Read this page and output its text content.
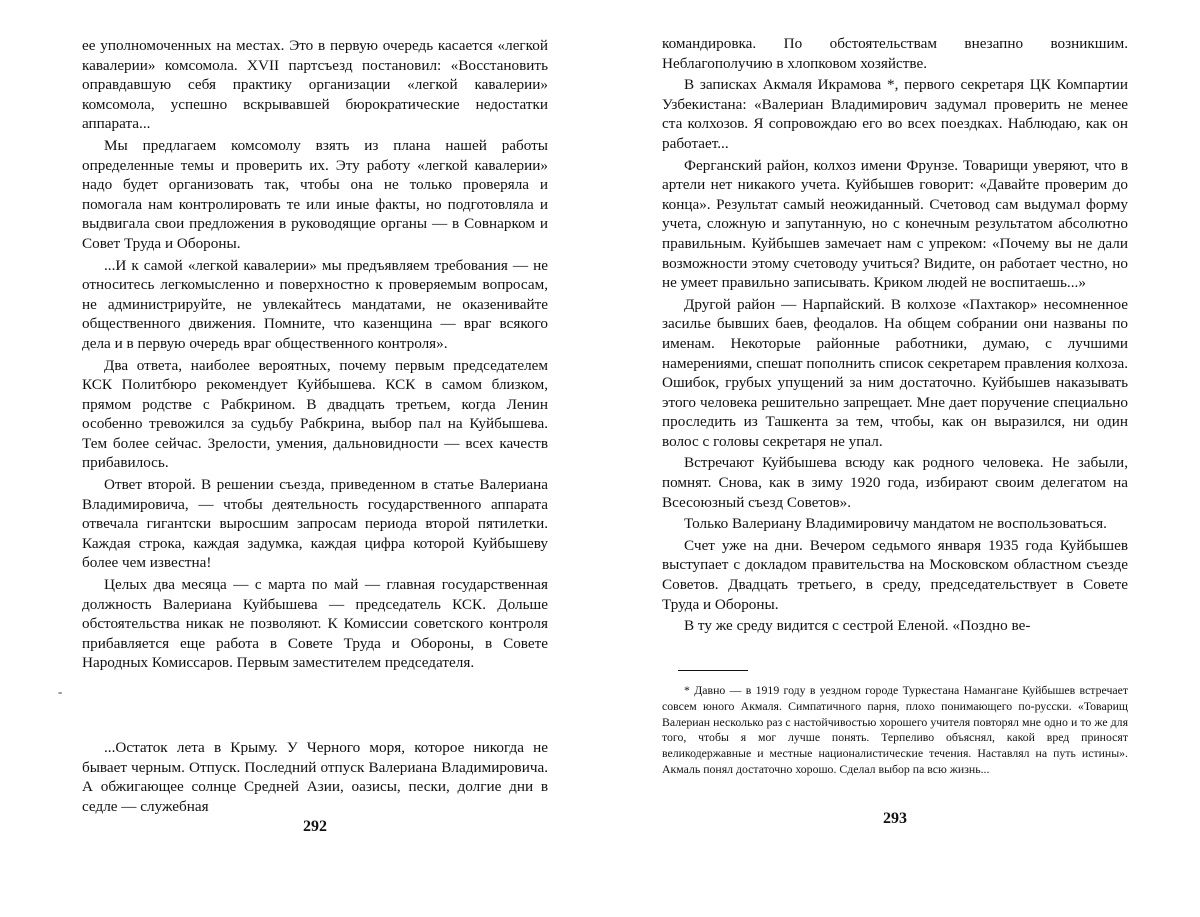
ее уполномоченных на местах. Это в первую очередь касается «легкой кавалерии» комсомола. XVII партсъезд постановил: «Восстановить оправдавшую себя практику организации «легкой кавалерии» комсомола, успешно вскрывавшей бюрократические недостатки аппарата...

Мы предлагаем комсомолу взять из плана нашей работы определенные темы и проверить их. Эту работу «легкой кавалерии» надо будет организовать так, чтобы она не только проверяла и помогала нам контролировать те или иные факты, но подготовляла и выдвигала свои предложения в руководящие органы — в Совнарком и Совет Труда и Обороны.

...И к самой «легкой кавалерии» мы предъявляем требования — не относитесь легкомысленно и поверхностно к проверяемым вопросам, не администрируйте, не увлекайтесь мандатами, не оказенивайте общественного движения. Помните, что казенщина — враг всякого дела и в первую очередь враг общественного контроля».

Два ответа, наиболее вероятных, почему первым председателем КСК Политбюро рекомендует Куйбышева. КСК в самом близком, прямом родстве с Рабкрином. В двадцать третьем, когда Ленин особенно тревожился за судьбу Рабкрина, выбор пал на Куйбышева. Тем более сейчас. Зрелости, умения, дальновидности — всех качеств прибавилось.

Ответ второй. В решении съезда, приведенном в статье Валериана Владимировича, — чтобы деятельность государственного аппарата отвечала гигантски выросшим запросам периода второй пятилетки. Каждая строка, каждая задумка, каждая цифра которой Куйбышеву более чем известна!

Целых два месяца — с марта по май — главная государственная должность Валериана Куйбышева — председатель КСК. Дольше обстоятельства никак не позволяют. К Комиссии советского контроля прибавляется еще работа в Совете Труда и Обороны, в Совете Народных Комиссаров. Первым заместителем председателя.

...Остаток лета в Крыму. У Черного моря, которое никогда не бывает черным. Отпуск. Последний отпуск Валериана Владимировича. А обжигающее солнце Средней Азии, оазисы, пески, долгие дни в седле — служебная

292
-

командировка. По обстоятельствам внезапно возникшим. Неблагополучию в хлопковом хозяйстве.

В записках Акмаля Икрамова *, первого секретаря ЦК Компартии Узбекистана: «Валериан Владимирович задумал проверить не менее ста колхозов. Я сопровождаю его во всех поездках. Наблюдаю, как он работает...

Ферганский район, колхоз имени Фрунзе. Товарищи уверяют, что в артели нет никакого учета. Куйбышев говорит: «Давайте проверим до конца». Результат самый неожиданный. Счетовод сам выдумал форму учета, сложную и запутанную, но с конечным результатом абсолютно правильным. Куйбышев замечает нам с упреком: «Почему вы не дали возможности этому счетоводу учиться? Видите, он работает честно, но не умеет правильно записывать. Криком людей не воспитаешь...»

Другой район — Нарпайский. В колхозе «Пахтакор» несомненное засилье бывших баев, феодалов. На общем собрании они названы по именам. Некоторые районные работники, думаю, с лучшими намерениями, спешат пополнить список секретарем правления колхоза. Ошибок, грубых упущений за ним достаточно. Куйбышев наказывать этого человека решительно запрещает. Мне дает поручение специально проследить из Ташкента за тем, чтобы, как он выразился, ни один волос с головы секретаря не упал.

Встречают Куйбышева всюду как родного человека. Не забыли, помнят. Снова, как в зиму 1920 года, избирают своим делегатом на Всесоюзный съезд Советов».

Только Валериану Владимировичу мандатом не воспользоваться.

Счет уже на дни. Вечером седьмого января 1935 года Куйбышев выступает с докладом правительства на Московском областном съезде Советов. Двадцать третьего, в среду, председательствует в Совете Труда и Обороны.

В ту же среду видится с сестрой Еленой. «Поздно ве-

* Давно — в 1919 году в уездном городе Туркестана Намангане Куйбышев встречает совсем юного Акмаля. Симпатичного парня, плохо понимающего по-русски. «Товарищ Валериан несколько раз с настойчивостью хорошего учителя повторял мне одно и то же для того, чтобы я мог лучше понять. Терпеливо объяснял, какой вред приносят великодержавные и местные националистические течения. Наставлял на путь истины». Акмаль понял достаточно хорошо. Сделал выбор па всю жизнь...

293
